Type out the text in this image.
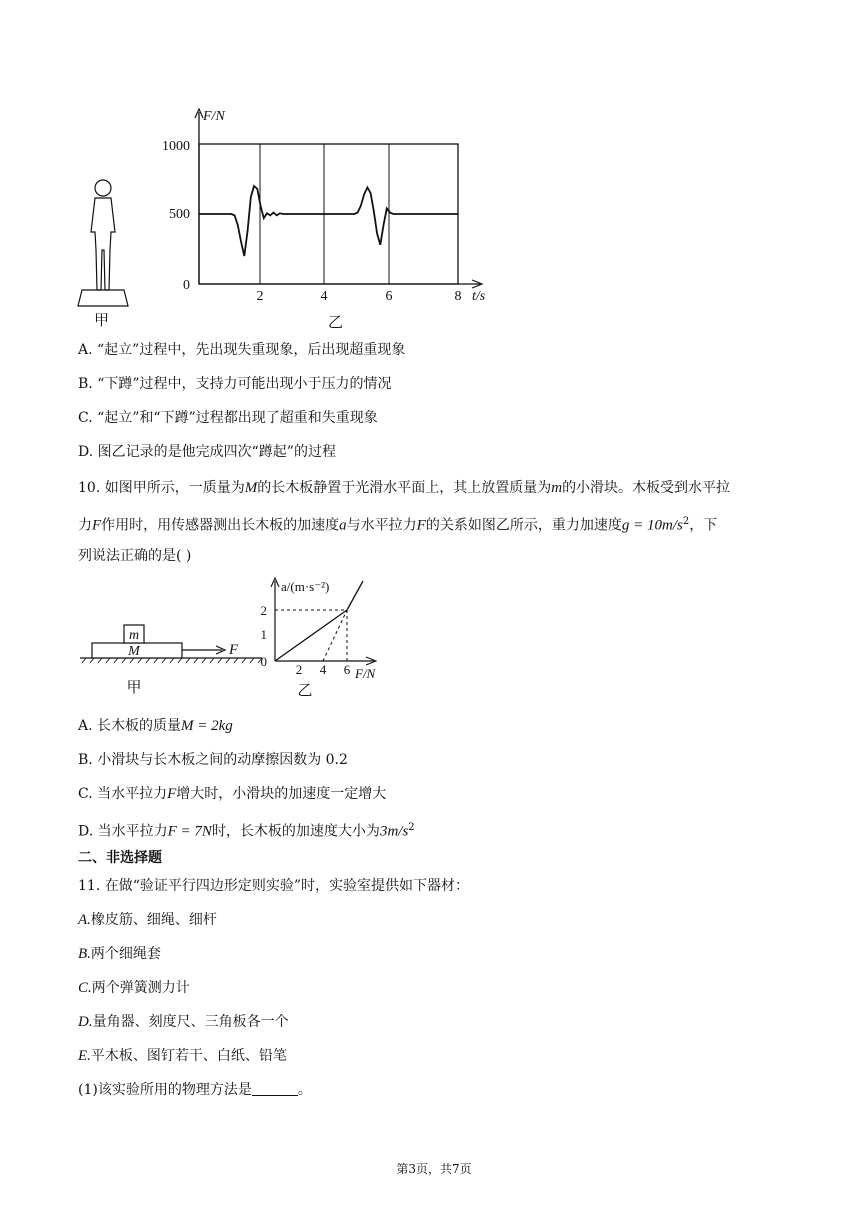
甲
F/N
1000
500
0
2	4	6	8 t/s
乙
A. “起立”过程中，先出现失重现象，后出现超重现象
B. “下蹲”过程中，支持力可能出现小于压力的情况
C. “起立”和“下蹲”过程都出现了超重和失重现象
D. 图乙记录的是他完成四次“蹲起”的过程
10. 如图甲所示，一质量为M的长木板静置于光滑水平面上，其上放置质量为m的小滑块。木板受到水平拉
力F作用时，用传感器测出长木板的加速度a与水平拉力F的关系如图乙所示，重力加速度$g = 10m/s^2$，下
列说法正确的是( )
m
M	F
甲
a/(m·s⁻²)
2
1
0
2 4 6 F/N
乙
A. 长木板的质量M = 2kg
B. 小滑块与长木板之间的动摩擦因数为 0.2
C. 当水平拉力F增大时，小滑块的加速度一定增大
D. 当水平拉力F = 7N时，长木板的加速度大小为$3m/s^2$
二、非选择题
11. 在做“验证平行四边形定则实验”时，实验室提供如下器材：
A.橡皮筋、细绳、细杆
B.两个细绳套
C.两个弹簧测力计
D.量角器、刻度尺、三角板各一个
E.平木板、图钉若干、白纸、铅笔
(1)该实验所用的物理方法是	。
第3页，共7页
